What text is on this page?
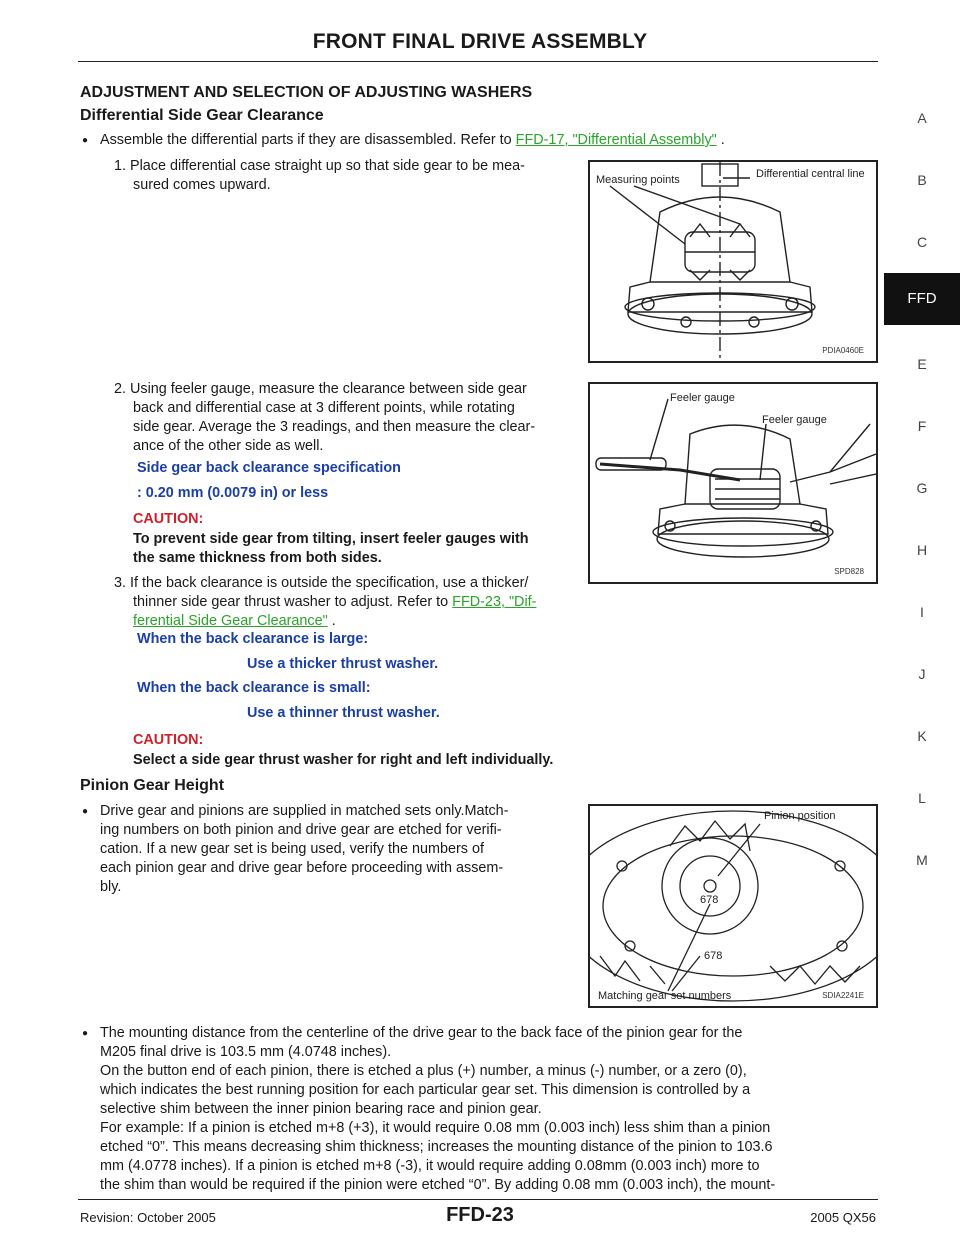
FRONT FINAL DRIVE ASSEMBLY
A
B
C
FFD
E
F
G
H
I
J
K
L
M
ADJUSTMENT AND SELECTION OF ADJUSTING WASHERS
Differential Side Gear Clearance
● Assemble the differential parts if they are disassembled. Refer to FFD-17, "Differential Assembly" .
1. Place differential case straight up so that side gear to be mea-
sured comes upward.	Measuring points	Differential central line
PDIA0460E
2. Using feeler gauge, measure the clearance between side gear
back and differential case at 3 different points, while rotating
side gear. Average the 3 readings, and then measure the clear-
ance of the other side as well.
Side gear back clearance specification
: 0.20 mm (0.0079 in) or less
CAUTION:
To prevent side gear from tilting, insert feeler gauges with
the same thickness from both sides.
Feeler gauge
Feeler gauge
SPD828
3. If the back clearance is outside the specification, use a thicker/
thinner side gear thrust washer to adjust. Refer to FFD-23, "Dif-
ferential Side Gear Clearance" .
When the back clearance is large:
Use a thicker thrust washer.
When the back clearance is small:
Use a thinner thrust washer.
CAUTION:
Select a side gear thrust washer for right and left individually.
Pinion Gear Height
● Drive gear and pinions are supplied in matched sets only.Match-
ing numbers on both pinion and drive gear are etched for verifi-
cation. If a new gear set is being used, verify the numbers of
each pinion gear and drive gear before proceeding with assem-
bly.
Pinion position
678
678
Matching gear set numbers	SDIA2241E
● The mounting distance from the centerline of the drive gear to the back face of the pinion gear for the
M205 final drive is 103.5 mm (4.0748 inches).
On the button end of each pinion, there is etched a plus (+) number, a minus (-) number, or a zero (0),
which indicates the best running position for each particular gear set. This dimension is controlled by a
selective shim between the inner pinion bearing race and pinion gear.
For example: If a pinion is etched m+8 (+3), it would require 0.08 mm (0.003 inch) less shim than a pinion
etched “0”. This means decreasing shim thickness; increases the mounting distance of the pinion to 103.6
mm (4.0778 inches). If a pinion is etched m+8 (-3), it would require adding 0.08mm (0.003 inch) more to
the shim than would be required if the pinion were etched “0”. By adding 0.08 mm (0.003 inch), the mount-
Revision: October 2005	FFD-23	2005 QX56
